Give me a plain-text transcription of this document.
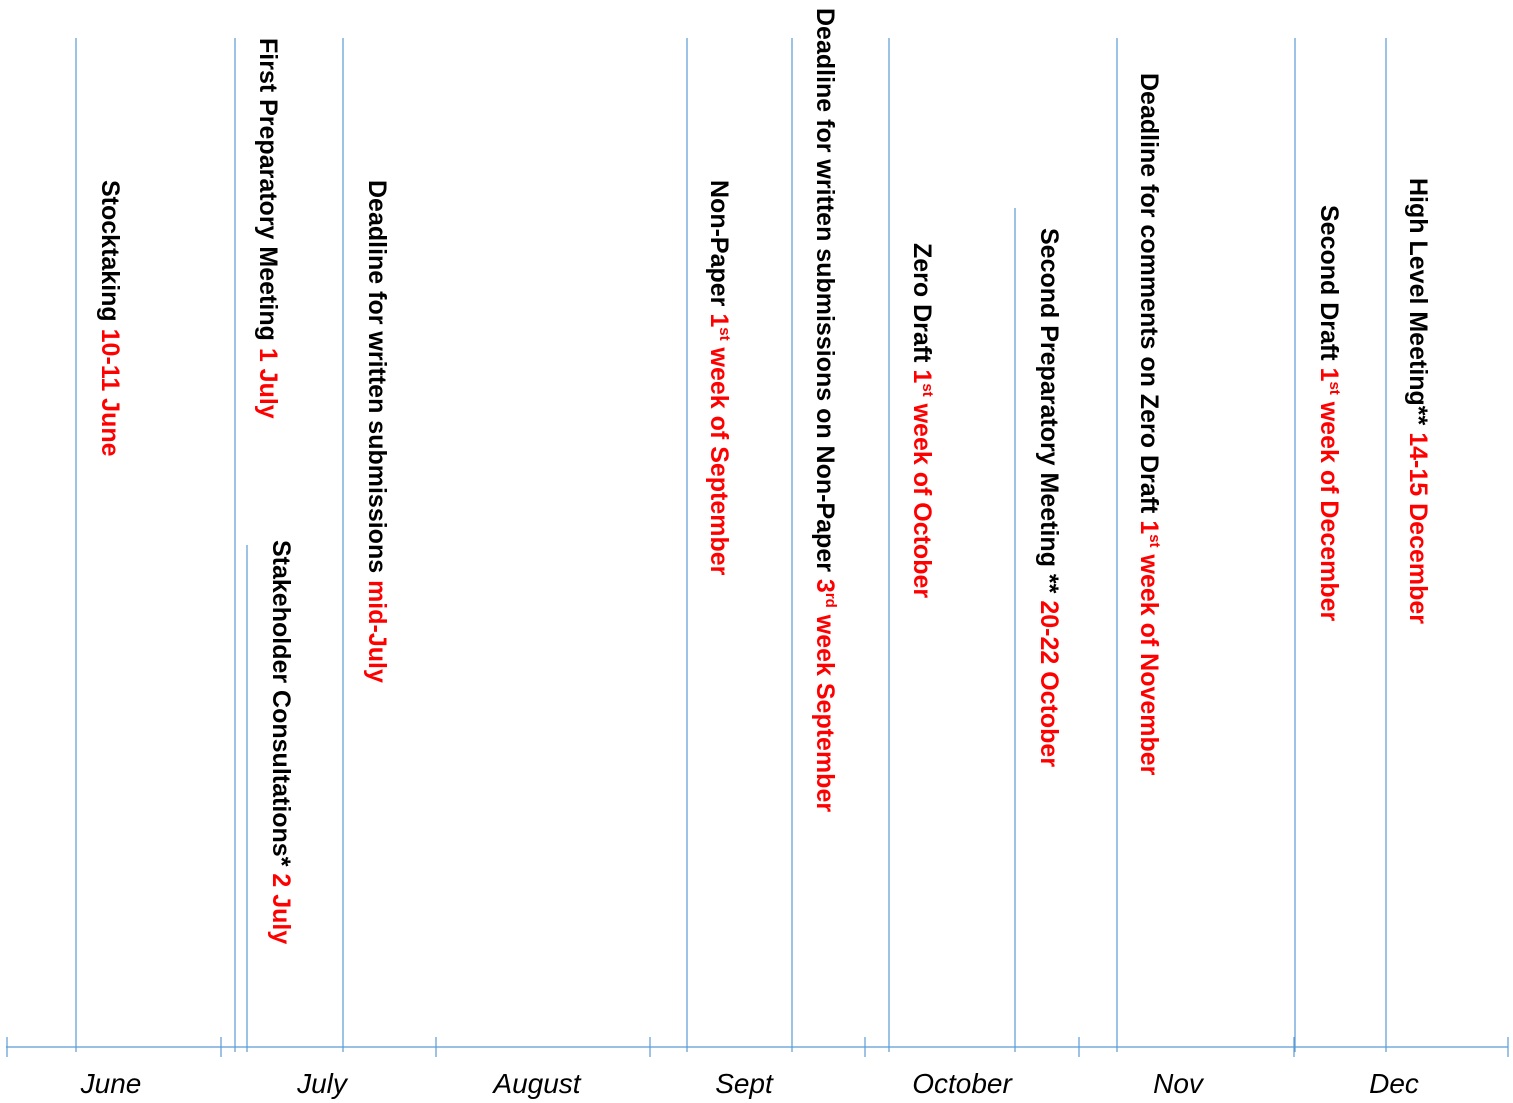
June	July	August	Sept	October	Nov	Dec
Stocktaking 10-11 June
First Preparatory Meeting 1 July
Stakeholder Consultations* 2 July
Deadline for written submissions mid-July
Non-Paper 1st week of September	Deadline for written submissions on Non-Paper 3rd week September
Zero Draft 1st week of October	Second Preparatory Meeting ** 20-22 October
Deadline for comments on Zero Draft 1st week of November
Second Draft 1st week of December
High Level Meeting** 14-15 December
